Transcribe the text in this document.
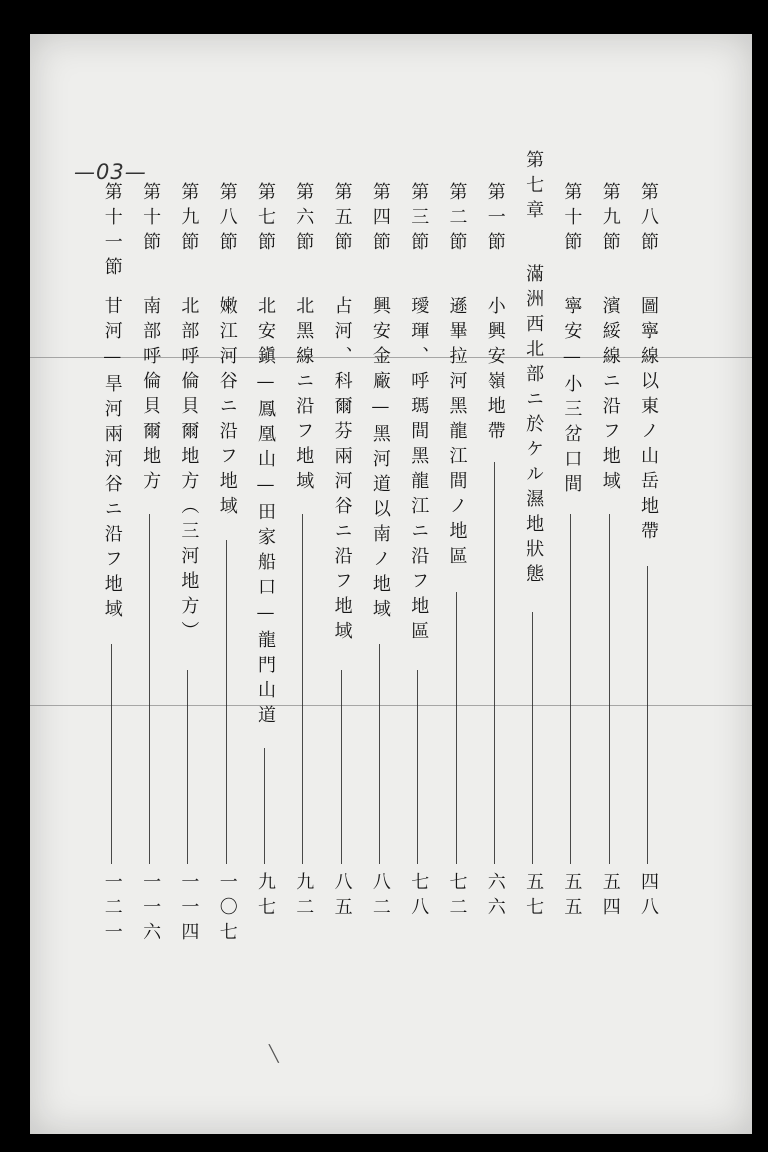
—03—
╲
第八節
圖寧線以東ノ山岳地帶
四八
第九節
濱綏線ニ沿フ地域
五四
第十節
寧安—小三岔口間
五五
第七章
滿洲西北部ニ於ケル濕地狀態
五七
第一節
小興安嶺地帶
六六
第二節
遜畢拉河黑龍江間ノ地區
七二
第三節
璦琿、呼瑪間黑龍江ニ沿フ地區
七八
第四節
興安金廠—黑河道以南ノ地域
八二
第五節
占河、科爾芬兩河谷ニ沿フ地域
八五
第六節
北黑線ニ沿フ地域
九二
第七節
北安鎭—鳳凰山—田家船口—龍門山道
九七
第八節
嫩江河谷ニ沿フ地域
一〇七
第九節
北部呼倫貝爾地方（三河地方）
一一四
第十節
南部呼倫貝爾地方
一一六
第十一節
甘河—旱河兩河谷ニ沿フ地域
一二一
